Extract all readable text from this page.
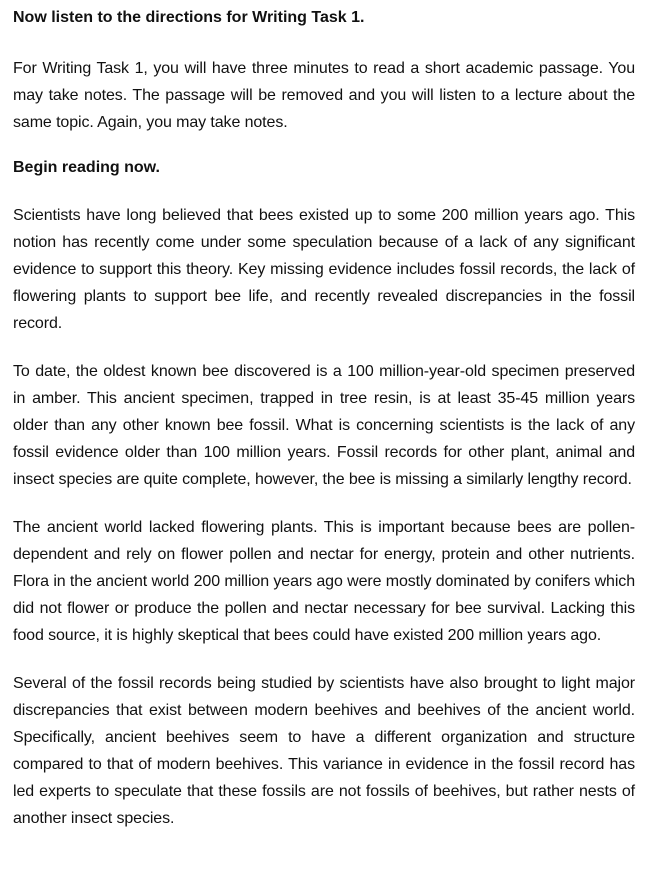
Now listen to the directions for Writing Task 1.

For Writing Task 1, you will have three minutes to read a short academic passage. You may take notes. The passage will be removed and you will listen to a lecture about the same topic. Again, you may take notes.

Begin reading now.

Scientists have long believed that bees existed up to some 200 million years ago. This notion has recently come under some speculation because of a lack of any significant evidence to support this theory. Key missing evidence includes fossil records, the lack of flowering plants to support bee life, and recently revealed discrepancies in the fossil record.

To date, the oldest known bee discovered is a 100 million-year-old specimen preserved in amber. This ancient specimen, trapped in tree resin, is at least 35-45 million years older than any other known bee fossil. What is concerning scientists is the lack of any fossil evidence older than 100 million years. Fossil records for other plant, animal and insect species are quite complete, however, the bee is missing a similarly lengthy record.

The ancient world lacked flowering plants. This is important because bees are pollen-dependent and rely on flower pollen and nectar for energy, protein and other nutrients. Flora in the ancient world 200 million years ago were mostly dominated by conifers which did not flower or produce the pollen and nectar necessary for bee survival. Lacking this food source, it is highly skeptical that bees could have existed 200 million years ago.

Several of the fossil records being studied by scientists have also brought to light major discrepancies that exist between modern beehives and beehives of the ancient world. Specifically, ancient beehives seem to have a different organization and structure compared to that of modern beehives. This variance in evidence in the fossil record has led experts to speculate that these fossils are not fossils of beehives, but rather nests of another insect species.
